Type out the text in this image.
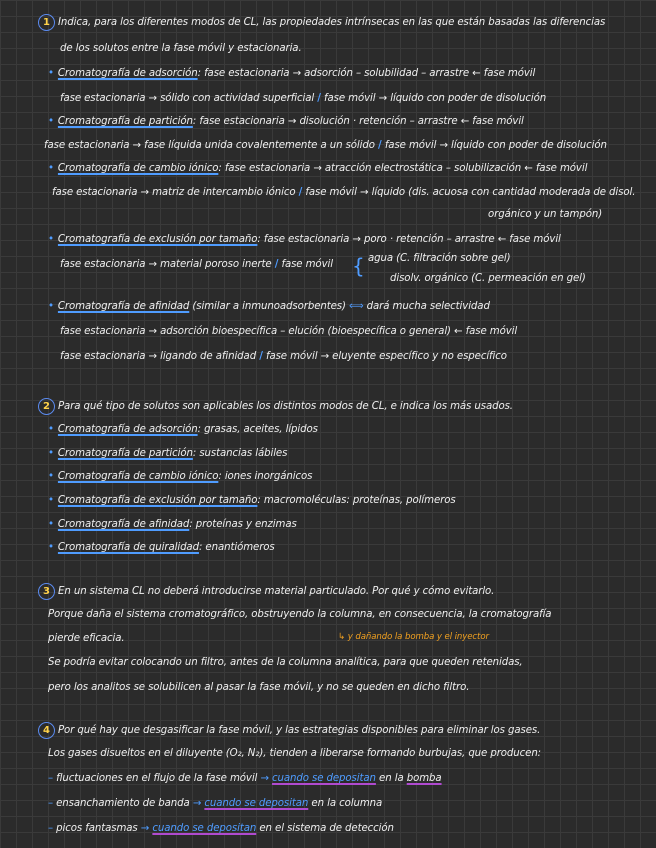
1 Indica, para los diferentes modos de CL, las propiedades intrínsecas en las que están basadas las diferencias
de los solutos entre la fase móvil y estacionaria.
• Cromatografía de adsorción: fase estacionaria → adsorción – solubilidad – arrastre ← fase móvil
fase estacionaria → sólido con actividad superficial / fase móvil → líquido con poder de disolución
• Cromatografía de partición: fase estacionaria → disolución · retención – arrastre ← fase móvil
fase estacionaria → fase líquida unida covalentemente a un sólido / fase móvil → líquido con poder de disolución
• Cromatografía de cambio iónico: fase estacionaria → atracción electrostática – solubilización ← fase móvil
fase estacionaria → matriz de intercambio iónico / fase móvil → líquido (dis. acuosa con cantidad moderada de disol.
orgánico y un tampón)
• Cromatografía de exclusión por tamaño: fase estacionaria → poro · retención – arrastre ← fase móvil
fase estacionaria → material poroso inerte / fase móvil { agua (C. filtración sobre gel)
disolv. orgánico (C. permeación en gel)
• Cromatografía de afinidad (similar a inmunoadsorbentes) ⟺ dará mucha selectividad
fase estacionaria → adsorción bioespecífica – elución (bioespecífica o general) ← fase móvil
fase estacionaria → ligando de afinidad / fase móvil → eluyente específico y no específico
2 Para qué tipo de solutos son aplicables los distintos modos de CL, e indica los más usados.
• Cromatografía de adsorción: grasas, aceites, lípidos
• Cromatografía de partición: sustancias lábiles
• Cromatografía de cambio iónico: iones inorgánicos
• Cromatografía de exclusión por tamaño: macromoléculas: proteínas, polímeros
• Cromatografía de afinidad: proteínas y enzimas
• Cromatografía de quiralidad: enantiómeros
3 En un sistema CL no deberá introducirse material particulado. Por qué y cómo evitarlo.
Porque daña el sistema cromatográfico, obstruyendo la columna, en consecuencia, la cromatografía
pierde eficacia.	↳ y dañando la bomba y el inyector
Se podría evitar colocando un filtro, antes de la columna analítica, para que queden retenidas,
pero los analitos se solubilicen al pasar la fase móvil, y no se queden en dicho filtro.
4 Por qué hay que desgasificar la fase móvil, y las estrategias disponibles para eliminar los gases.
Los gases disueltos en el diluyente (O₂, N₂), tienden a liberarse formando burbujas, que producen:
– fluctuaciones en el flujo de la fase móvil → cuando se depositan en la bomba
– ensanchamiento de banda → cuando se depositan en la columna
– picos fantasmas → cuando se depositan en el sistema de detección
